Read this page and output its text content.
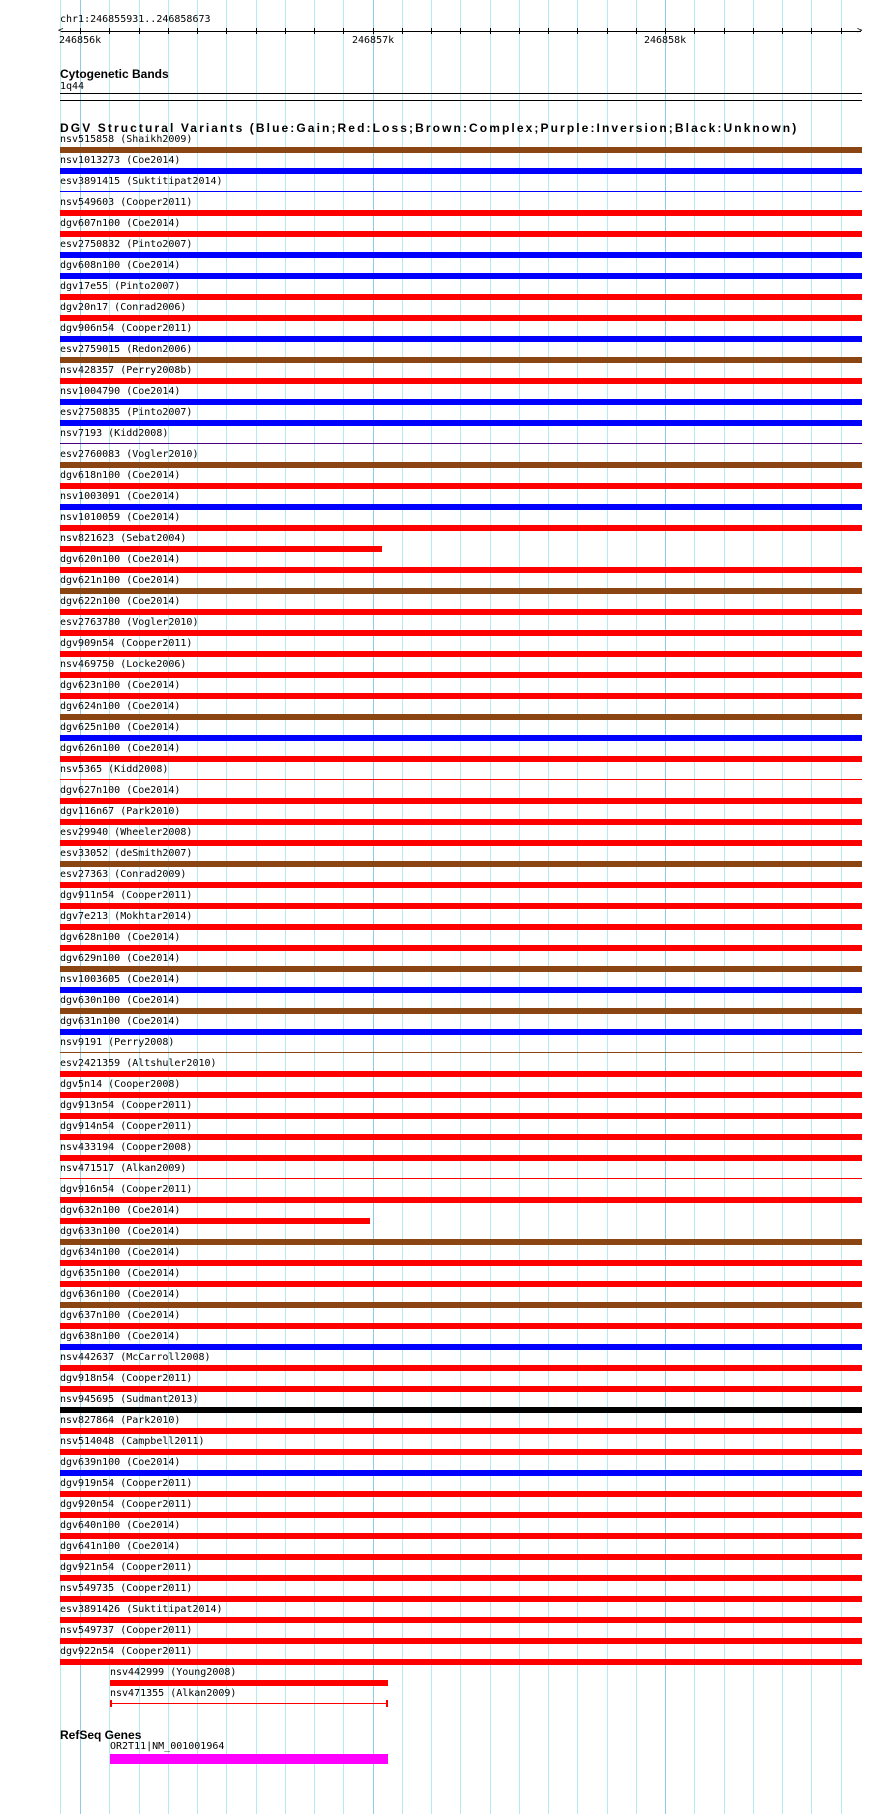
chr1:246855931..246858673
<	>
246856k	246857k	246858k
Cytogenetic Bands
1q44
DGV Structural Variants (Blue:Gain;Red:Loss;Brown:Complex;Purple:Inversion;Black:Unknown)
nsv515858 (Shaikh2009)
nsv1013273 (Coe2014)
esv3891415 (Suktitipat2014)
nsv549603 (Cooper2011)
dgv607n100 (Coe2014)
esv2750832 (Pinto2007)
dgv608n100 (Coe2014)
dgv17e55 (Pinto2007)
dgv20n17 (Conrad2006)
dgv906n54 (Cooper2011)
esv2759015 (Redon2006)
nsv428357 (Perry2008b)
nsv1004790 (Coe2014)
esv2750835 (Pinto2007)
nsv7193 (Kidd2008)
esv2760083 (Vogler2010)
dgv618n100 (Coe2014)
nsv1003091 (Coe2014)
nsv1010059 (Coe2014)
nsv821623 (Sebat2004)
dgv620n100 (Coe2014)
dgv621n100 (Coe2014)
dgv622n100 (Coe2014)
esv2763780 (Vogler2010)
dgv909n54 (Cooper2011)
nsv469750 (Locke2006)
dgv623n100 (Coe2014)
dgv624n100 (Coe2014)
dgv625n100 (Coe2014)
dgv626n100 (Coe2014)
nsv5365 (Kidd2008)
dgv627n100 (Coe2014)
dgv116n67 (Park2010)
esv29940 (Wheeler2008)
esv33052 (deSmith2007)
esv27363 (Conrad2009)
dgv911n54 (Cooper2011)
dgv7e213 (Mokhtar2014)
dgv628n100 (Coe2014)
dgv629n100 (Coe2014)
nsv1003605 (Coe2014)
dgv630n100 (Coe2014)
dgv631n100 (Coe2014)
nsv9191 (Perry2008)
esv2421359 (Altshuler2010)
dgv5n14 (Cooper2008)
dgv913n54 (Cooper2011)
dgv914n54 (Cooper2011)
nsv433194 (Cooper2008)
nsv471517 (Alkan2009)
dgv916n54 (Cooper2011)
dgv632n100 (Coe2014)
dgv633n100 (Coe2014)
dgv634n100 (Coe2014)
dgv635n100 (Coe2014)
dgv636n100 (Coe2014)
dgv637n100 (Coe2014)
dgv638n100 (Coe2014)
nsv442637 (McCarroll2008)
dgv918n54 (Cooper2011)
nsv945695 (Sudmant2013)
nsv827864 (Park2010)
nsv514048 (Campbell2011)
dgv639n100 (Coe2014)
dgv919n54 (Cooper2011)
dgv920n54 (Cooper2011)
dgv640n100 (Coe2014)
dgv641n100 (Coe2014)
dgv921n54 (Cooper2011)
nsv549735 (Cooper2011)
esv3891426 (Suktitipat2014)
nsv549737 (Cooper2011)
dgv922n54 (Cooper2011)
nsv442999 (Young2008)
nsv471355 (Alkan2009)
RefSeq Genes
OR2T11|NM_001001964
